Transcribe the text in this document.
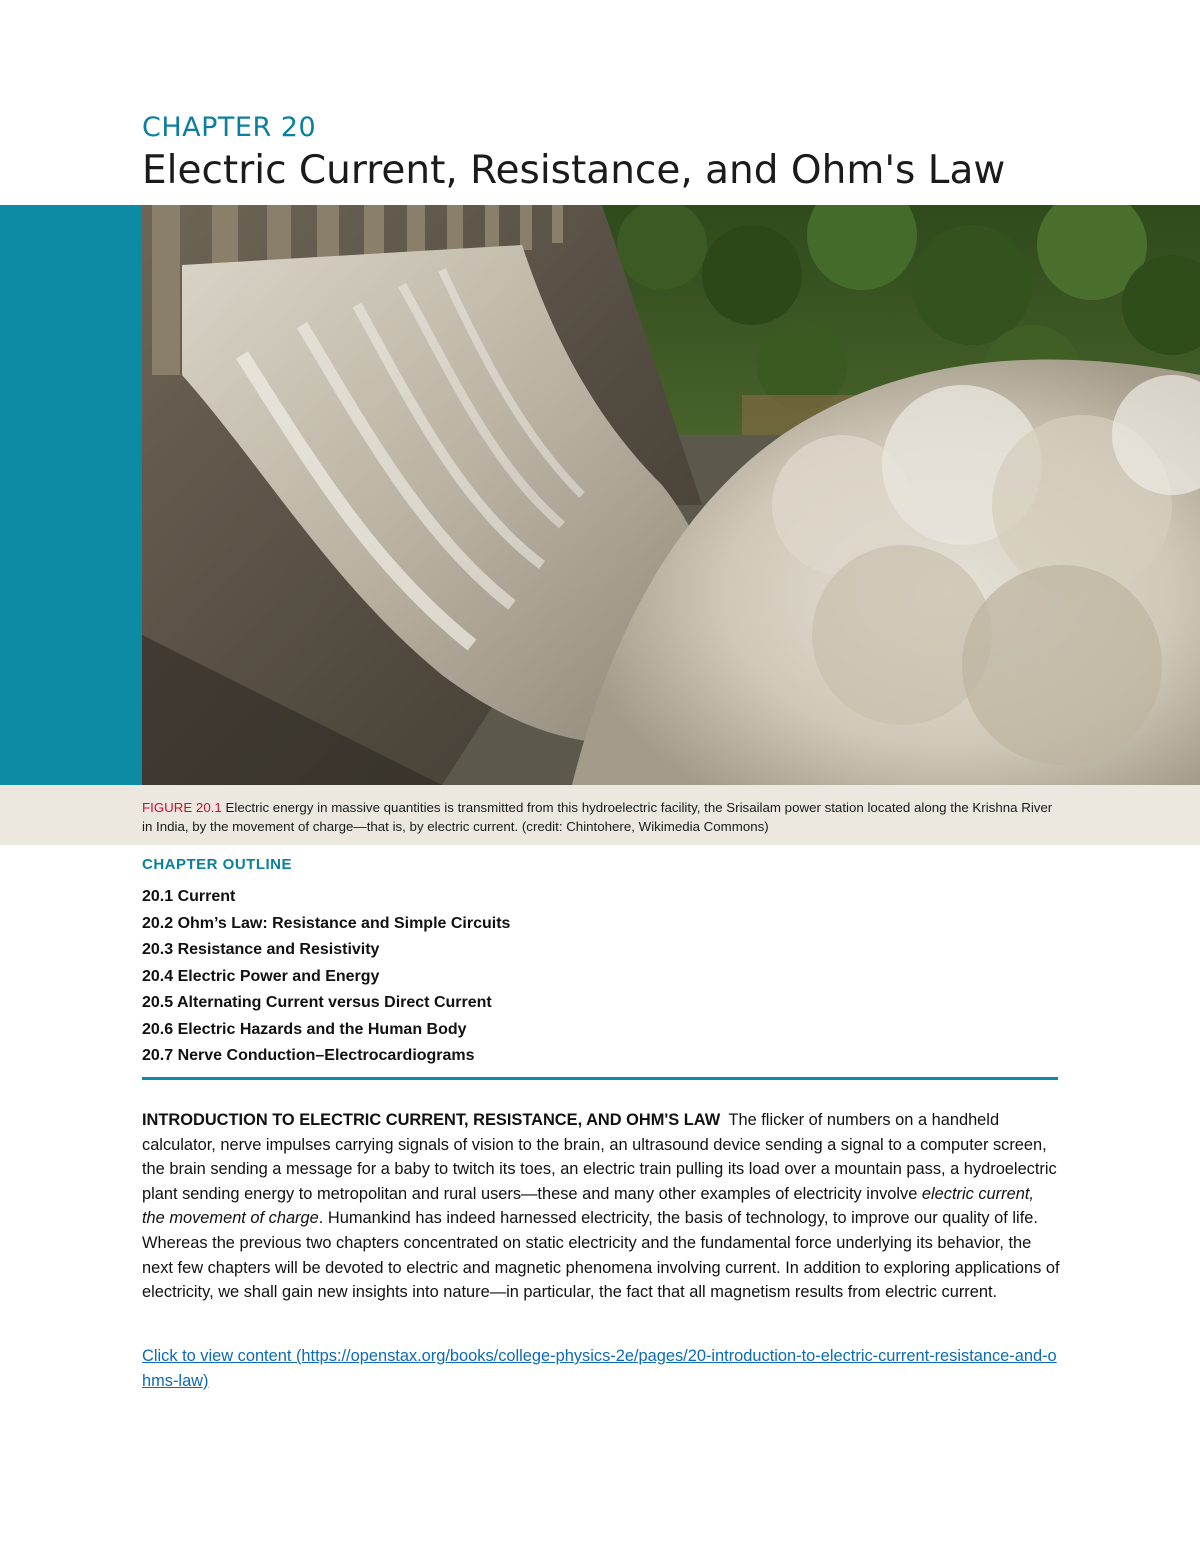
CHAPTER 20
Electric Current, Resistance, and Ohm's Law

FIGURE 20.1 Electric energy in massive quantities is transmitted from this hydroelectric facility, the Srisailam power station located along the Krishna River in India, by the movement of charge—that is, by electric current. (credit: Chintohere, Wikimedia Commons)

CHAPTER OUTLINE
20.1 Current
20.2 Ohm’s Law: Resistance and Simple Circuits
20.3 Resistance and Resistivity
20.4 Electric Power and Energy
20.5 Alternating Current versus Direct Current
20.6 Electric Hazards and the Human Body
20.7 Nerve Conduction–Electrocardiograms

INTRODUCTION TO ELECTRIC CURRENT, RESISTANCE, AND OHM'S LAW The flicker of numbers on a handheld calculator, nerve impulses carrying signals of vision to the brain, an ultrasound device sending a signal to a computer screen, the brain sending a message for a baby to twitch its toes, an electric train pulling its load over a mountain pass, a hydroelectric plant sending energy to metropolitan and rural users—these and many other examples of electricity involve electric current, the movement of charge. Humankind has indeed harnessed electricity, the basis of technology, to improve our quality of life. Whereas the previous two chapters concentrated on static electricity and the fundamental force underlying its behavior, the next few chapters will be devoted to electric and magnetic phenomena involving current. In addition to exploring applications of electricity, we shall gain new insights into nature—in particular, the fact that all magnetism results from electric current.

Click to view content (https://openstax.org/books/college-physics-2e/pages/20-introduction-to-electric-current-resistance-and-ohms-law)
